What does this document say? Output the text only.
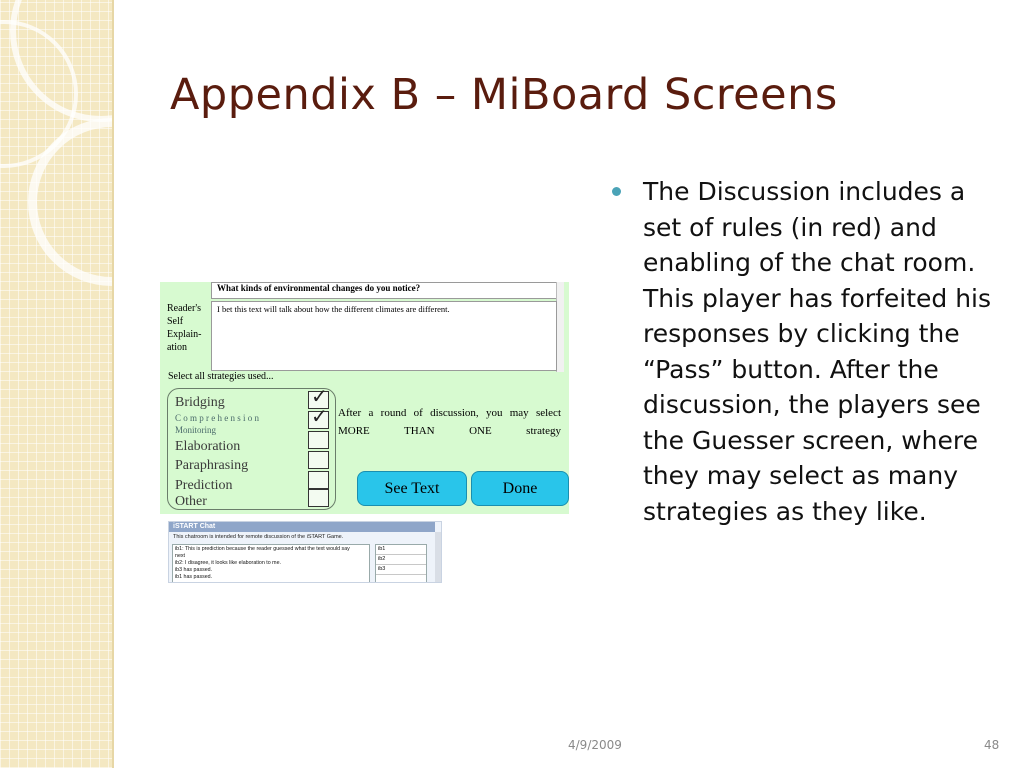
Appendix B – MiBoard Screens
What kinds of environmental changes do you notice?
Reader's
Self
Explain-
ation
I bet this text will talk about how the different climates are different.
Select all strategies used...
Bridging
C o m p r e h e n s i o n
Monitoring
Elaboration
Paraphrasing
Prediction
Other
✓
✓ After a round of discussion, you may select MORE THAN ONE strategy
See Text	Done
iSTART Chat
This chatroom is intended for remote discussion of the iSTART Game.
ib1: This is prediction because the reader guessed what the text would say
next
ib2: I disagree, it looks like elaboration to me.
ib3 has passed.
ib1 has passed.
ib1
ib2
ib3

The Discussion includes a set of rules (in red) and enabling of the chat room. This player has forfeited his responses by clicking the “Pass” button. After the discussion, the players see the Guesser screen, where they may select as many strategies as they like.

4/9/2009	48
